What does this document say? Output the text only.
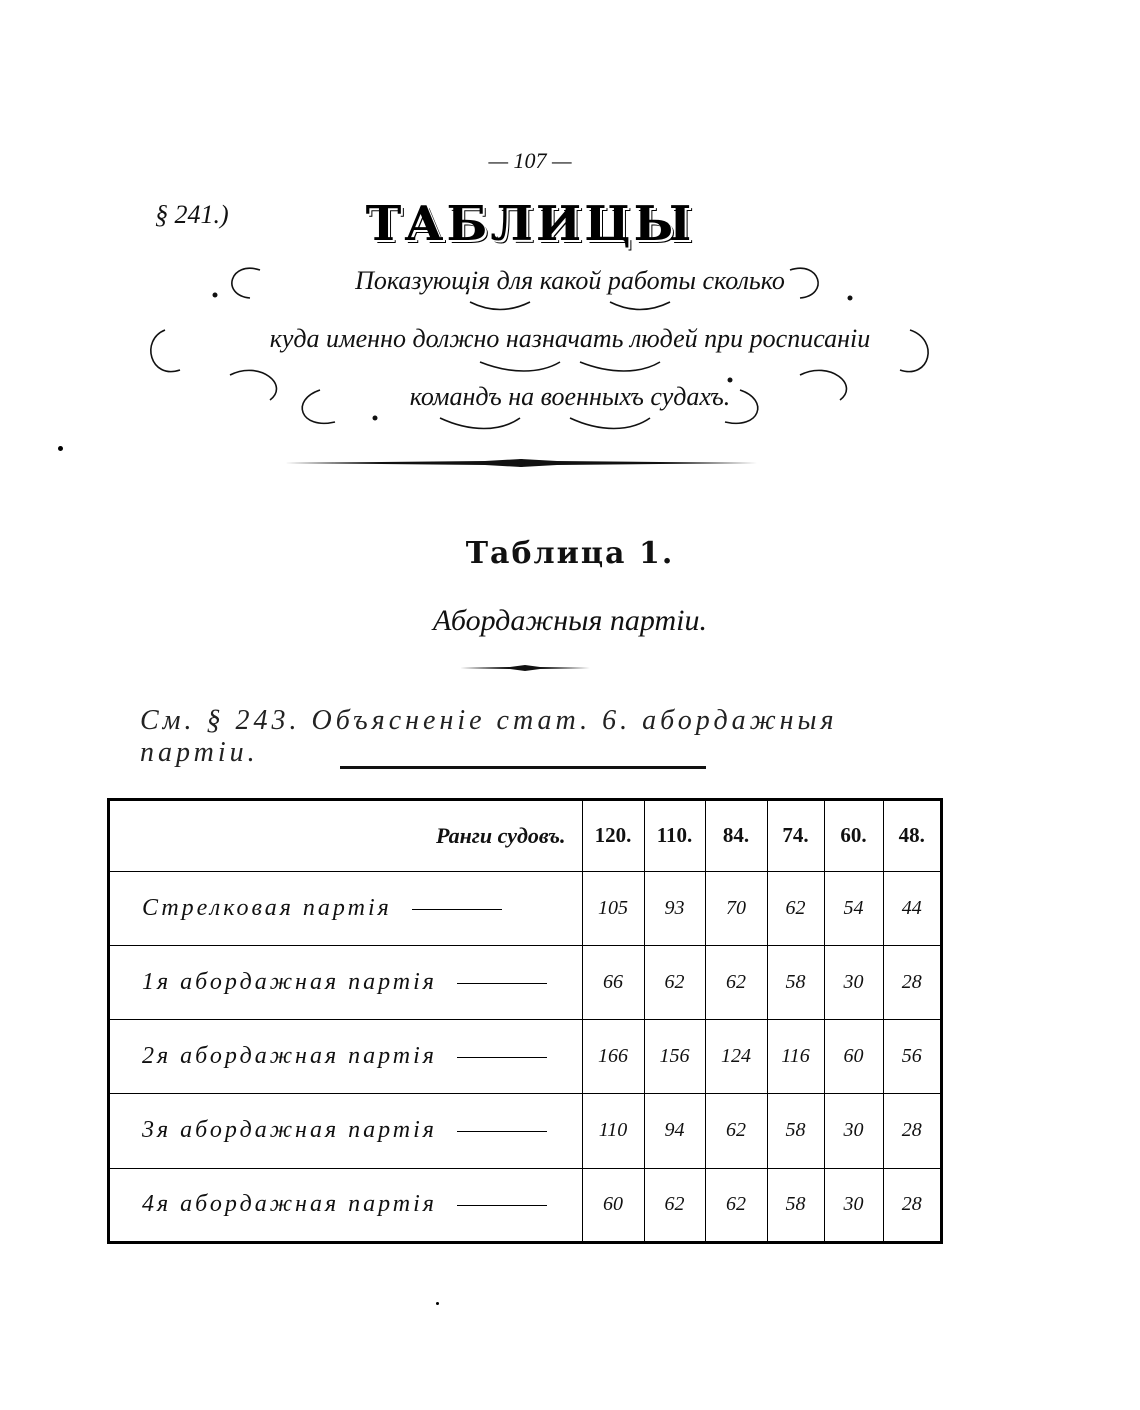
— 107 —
§ 241.)	ТАБЛИЦЫ
Показующія для какой работы сколько
куда именно должно назначать людей при росписаніи
командъ на военныхъ судахъ.
Таблица 1.
Абордажныя партіи.
См. § 243. Объясненіе стат. 6. абордажныя партіи.
Ранги судовъ.	120.	110.	84.	74.	60.	48.
Стрелковая партія	105	93	70	62	54	44
1я абордажная партія	66	62	62	58	30	28
2я абордажная партія	166	156	124	116	60	56
3я абордажная партія	110	94	62	58	30	28
4я абордажная партія	60	62	62	58	30	28
